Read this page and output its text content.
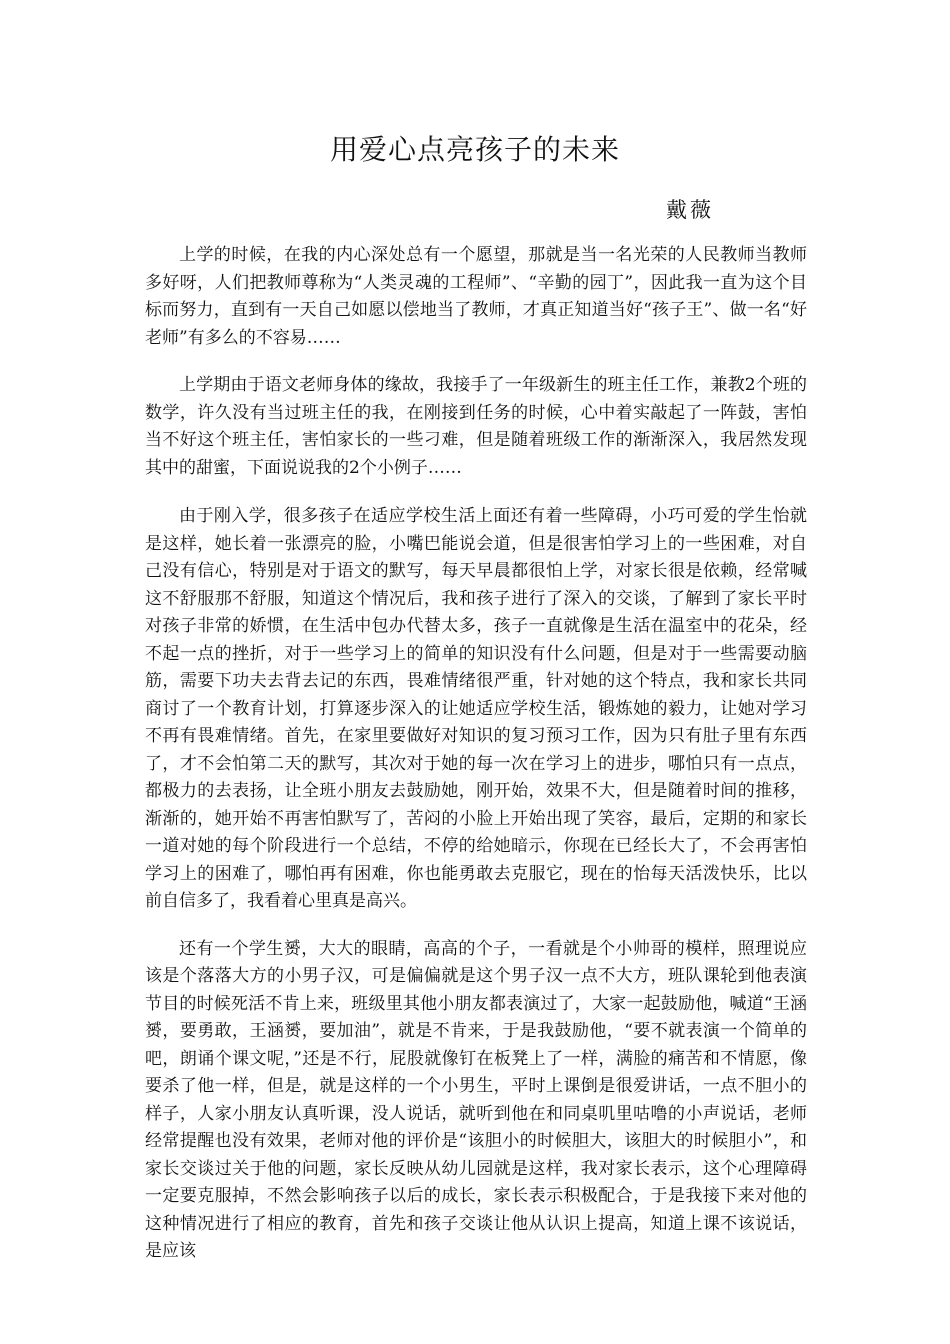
用爱心点亮孩子的未来

戴薇

上学的时候，在我的内心深处总有一个愿望，那就是当一名光荣的人民教师当教师多好呀，人们把教师尊称为“人类灵魂的工程师”、“辛勤的园丁”，因此我一直为这个目标而努力，直到有一天自己如愿以偿地当了教师，才真正知道当好“孩子王”、做一名“好老师”有多么的不容易……

上学期由于语文老师身体的缘故，我接手了一年级新生的班主任工作，兼教2个班的数学，许久没有当过班主任的我，在刚接到任务的时候，心中着实敲起了一阵鼓，害怕当不好这个班主任，害怕家长的一些刁难，但是随着班级工作的渐渐深入，我居然发现其中的甜蜜，下面说说我的2个小例子……

由于刚入学，很多孩子在适应学校生活上面还有着一些障碍，小巧可爱的学生怡就是这样，她长着一张漂亮的脸，小嘴巴能说会道，但是很害怕学习上的一些困难，对自己没有信心，特别是对于语文的默写，每天早晨都很怕上学，对家长很是依赖，经常喊这不舒服那不舒服，知道这个情况后，我和孩子进行了深入的交谈，了解到了家长平时对孩子非常的娇惯，在生活中包办代替太多，孩子一直就像是生活在温室中的花朵，经不起一点的挫折，对于一些学习上的简单的知识没有什么问题，但是对于一些需要动脑筋，需要下功夫去背去记的东西，畏难情绪很严重，针对她的这个特点，我和家长共同商讨了一个教育计划，打算逐步深入的让她适应学校生活，锻炼她的毅力，让她对学习不再有畏难情绪。首先，在家里要做好对知识的复习预习工作，因为只有肚子里有东西了，才不会怕第二天的默写，其次对于她的每一次在学习上的进步，哪怕只有一点点，都极力的去表扬，让全班小朋友去鼓励她，刚开始，效果不大，但是随着时间的推移，渐渐的，她开始不再害怕默写了，苦闷的小脸上开始出现了笑容，最后，定期的和家长一道对她的每个阶段进行一个总结，不停的给她暗示，你现在已经长大了，不会再害怕学习上的困难了，哪怕再有困难，你也能勇敢去克服它，现在的怡每天活泼快乐，比以前自信多了，我看着心里真是高兴。

还有一个学生赟，大大的眼睛，高高的个子，一看就是个小帅哥的模样，照理说应该是个落落大方的小男子汉，可是偏偏就是这个男子汉一点不大方，班队课轮到他表演节目的时候死活不肯上来，班级里其他小朋友都表演过了，大家一起鼓励他，喊道“王涵赟，要勇敢，王涵赟，要加油”，就是不肯来，于是我鼓励他，“要不就表演一个简单的吧，朗诵个课文呢，”还是不行，屁股就像钉在板凳上了一样，满脸的痛苦和不情愿，像要杀了他一样，但是，就是这样的一个小男生，平时上课倒是很爱讲话，一点不胆小的样子，人家小朋友认真听课，没人说话，就听到他在和同桌叽里咕噜的小声说话，老师经常提醒也没有效果，老师对他的评价是“该胆小的时候胆大，该胆大的时候胆小”，和家长交谈过关于他的问题，家长反映从幼儿园就是这样，我对家长表示，这个心理障碍一定要克服掉，不然会影响孩子以后的成长，家长表示积极配合，于是我接下来对他的这种情况进行了相应的教育，首先和孩子交谈让他从认识上提高，知道上课不该说话，是应该
